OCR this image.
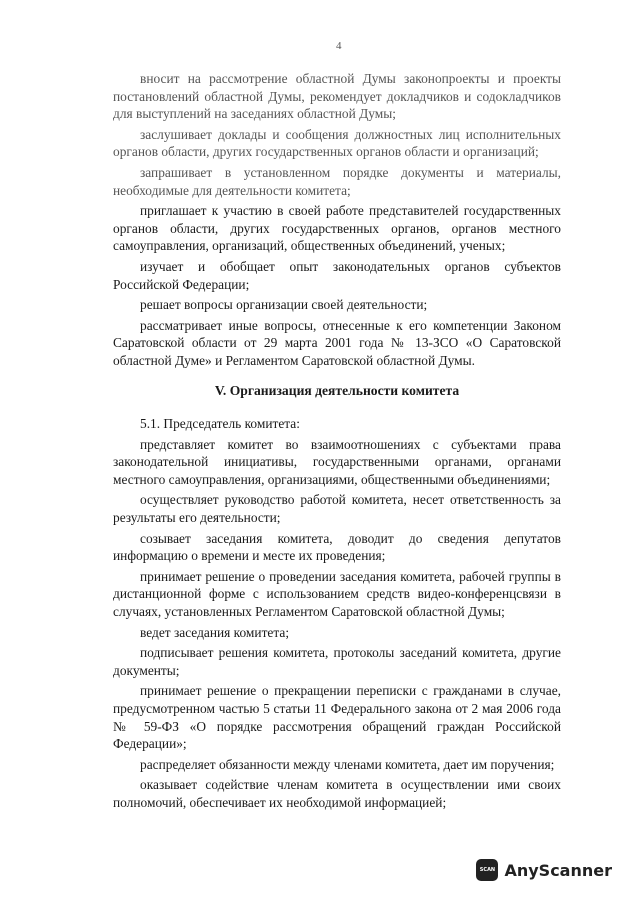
4

вносит на рассмотрение областной Думы законопроекты и проекты постановлений областной Думы, рекомендует докладчиков и содокладчиков для выступлений на заседаниях областной Думы;

заслушивает доклады и сообщения должностных лиц исполнительных органов области, других государственных органов области и организаций;

запрашивает в установленном порядке документы и материалы, необходимые для деятельности комитета;

приглашает к участию в своей работе представителей государственных органов области, других государственных органов, органов местного самоуправления, организаций, общественных объединений, ученых;

изучает и обобщает опыт законодательных органов субъектов Российской Федерации;

решает вопросы организации своей деятельности;

рассматривает иные вопросы, отнесенные к его компетенции Законом Саратовской области от 29 марта 2001 года № 13-ЗСО «О Саратовской областной Думе» и Регламентом Саратовской областной Думы.

V. Организация деятельности комитета

5.1. Председатель комитета:

представляет комитет во взаимоотношениях с субъектами права законодательной инициативы, государственными органами, органами местного самоуправления, организациями, общественными объединениями;

осуществляет руководство работой комитета, несет ответственность за результаты его деятельности;

созывает заседания комитета, доводит до сведения депутатов информацию о времени и месте их проведения;

принимает решение о проведении заседания комитета, рабочей группы в дистанционной форме с использованием средств видео-конференцсвязи в случаях, установленных Регламентом Саратовской областной Думы;

ведет заседания комитета;

подписывает решения комитета, протоколы заседаний комитета, другие документы;

принимает решение о прекращении переписки с гражданами в случае, предусмотренном частью 5 статьи 11 Федерального закона от 2 мая 2006 года № 59-ФЗ «О порядке рассмотрения обращений граждан Российской Федерации»;

распределяет обязанности между членами комитета, дает им поручения;

оказывает содействие членам комитета в осуществлении ими своих полномочий, обеспечивает их необходимой информацией;

SCAN AnyScanner
